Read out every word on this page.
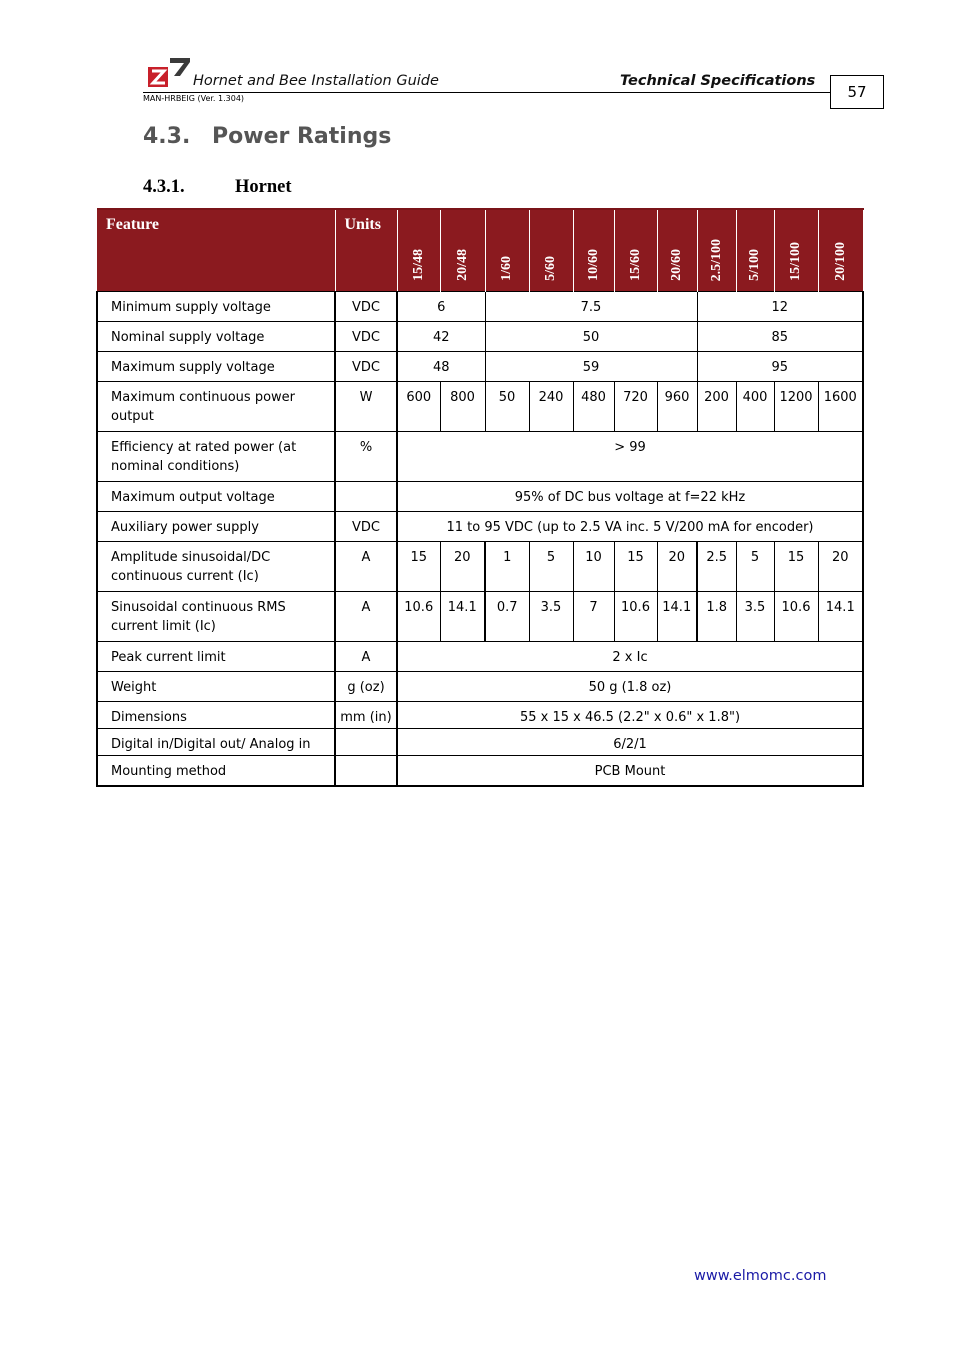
Hornet and Bee Installation Guide	Technical Specifications
MAN-HRBEIG (Ver. 1.304)	57
4.3. Power Ratings
4.3.1.	Hornet
Feature	Units	15/48	20/48	1/60	5/60	10/60	15/60	20/60	2.5/100	5/100	15/100	20/100
Minimum supply voltage	VDC	6		7.5					12			
Nominal supply voltage	VDC	42		50					85			
Maximum supply voltage	VDC	48		59					95			
Maximum continuous power output	W	600	800	50	240	480	720	960	200	400	1200	1600
Efficiency at rated power (at nominal conditions)	%	> 99										
Maximum output voltage		95% of DC bus voltage at f=22 kHz										
Auxiliary power supply	VDC	11 to 95 VDC (up to 2.5 VA inc. 5 V/200 mA for encoder)										
Amplitude sinusoidal/DC continuous current (Ic)	A	15	20	1	5	10	15	20	2.5	5	15	20
Sinusoidal continuous RMS current limit (Ic)	A	10.6	14.1	0.7	3.5	7	10.6	14.1	1.8	3.5	10.6	14.1
Peak current limit	A	2 x Ic										
Weight	g (oz)	50 g (1.8 oz)										
Dimensions	mm (in)	55 x 15 x 46.5 (2.2" x 0.6" x 1.8")										
Digital in/Digital out/ Analog in		6/2/1										
Mounting method		PCB Mount										
www.elmomc.com
